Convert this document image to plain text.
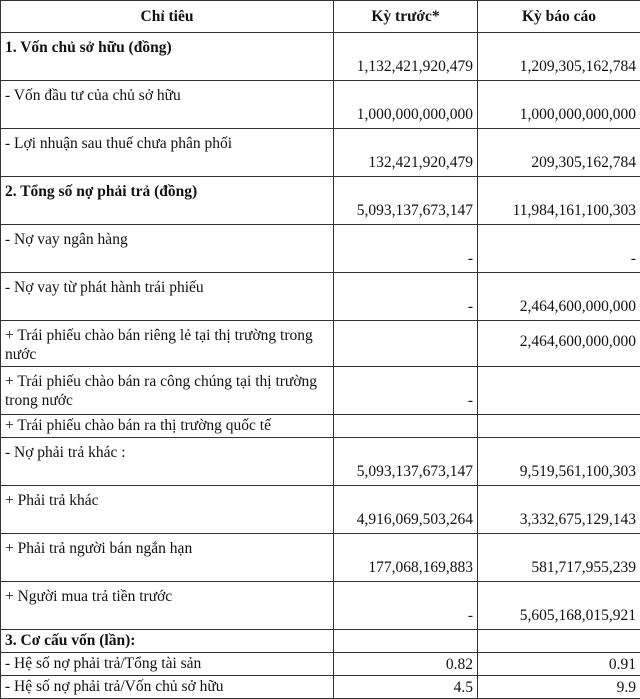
Chỉ tiêu	Kỳ trước*	Kỳ báo cáo
1. Vốn chủ sở hữu (đồng)	1,132,421,920,479	1,209,305,162,784
- Vốn đầu tư của chủ sở hữu	1,000,000,000,000	1,000,000,000,000
- Lợi nhuận sau thuế chưa phân phối	132,421,920,479	209,305,162,784
2. Tổng số nợ phải trả (đồng)	5,093,137,673,147	11,984,161,100,303
- Nợ vay ngân hàng	-	-
- Nợ vay từ phát hành trái phiếu	-	2,464,600,000,000
+ Trái phiếu chào bán riêng lẻ tại thị trường trong nước		2,464,600,000,000
+ Trái phiếu chào bán ra công chúng tại thị trường trong nước	-	
+ Trái phiếu chào bán ra thị trường quốc tế		
- Nợ phải trả khác :	5,093,137,673,147	9,519,561,100,303
+ Phải trả khác	4,916,069,503,264	3,332,675,129,143
+ Phải trả người bán ngắn hạn	177,068,169,883	581,717,955,239
+ Người mua trả tiền trước	-	5,605,168,015,921
3. Cơ cấu vốn (lần):		
- Hệ số nợ phải trả/Tổng tài sản	0.82	0.91
- Hệ số nợ phải trả/Vốn chủ sở hữu	4.5	9.9
